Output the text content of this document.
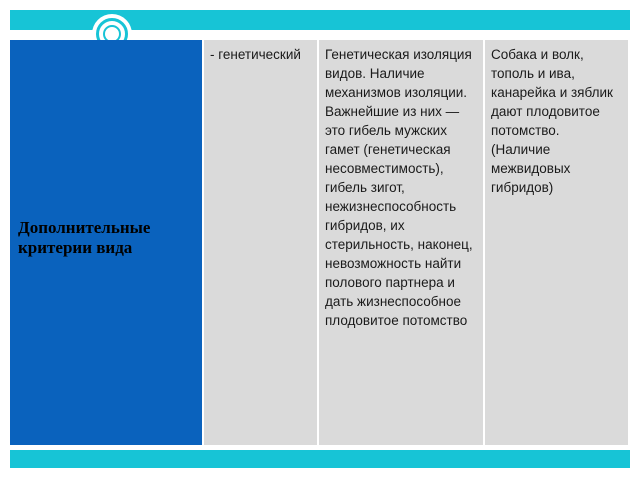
Дополнительные критерии вида	- генетический	Генетическая изоляция видов. Наличие механизмов изоляции. Важнейшие из них — это гибель мужских гамет (генетическая несовместимость), гибель зигот, нежизнеспособность гибридов, их стерильность, наконец, невозможность найти полового партнера и дать жизнеспособное плодовитое потомство	Собака и волк, тополь и ива, канарейка и зяблик дают плодовитое потомство. (Наличие межвидовых гибридов)
